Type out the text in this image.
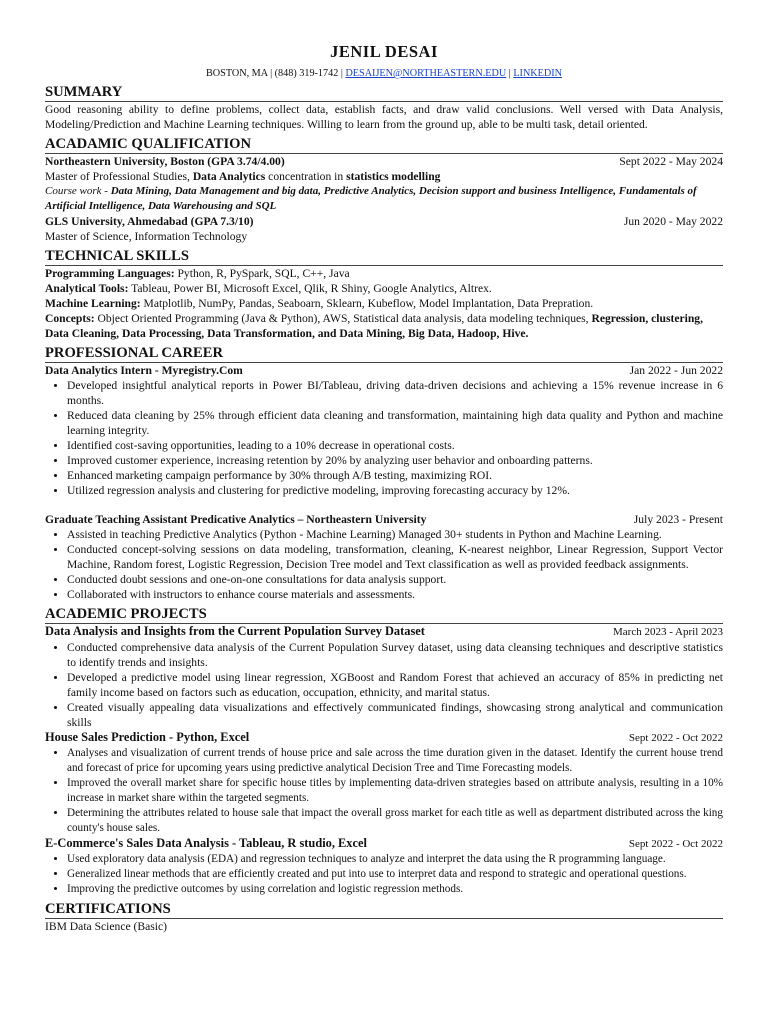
JENIL DESAI
BOSTON, MA | (848) 319-1742 | DESAIJEN@NORTHEASTERN.EDU | LINKEDIN
SUMMARY

Good reasoning ability to define problems, collect data, establish facts, and draw valid conclusions. Well versed with Data Analysis, Modeling/Prediction and Machine Learning techniques. Willing to learn from the ground up, able to be multi task, detail oriented.

ACADAMIC QUALIFICATION
Northeastern University, Boston (GPA 3.74/4.00)	Sept 2022 - May 2024
Master of Professional Studies, Data Analytics concentration in statistics modelling
Course work - Data Mining, Data Management and big data, Predictive Analytics, Decision support and business Intelligence, Fundamentals of Artificial Intelligence, Data Warehousing and SQL
GLS University, Ahmedabad (GPA 7.3/10)	Jun 2020 - May 2022
Master of Science, Information Technology
TECHNICAL SKILLS
Programming Languages: Python, R, PySpark, SQL, C++, Java
Analytical Tools: Tableau, Power BI, Microsoft Excel, Qlik, R Shiny, Google Analytics, Altrex.
Machine Learning: Matplotlib, NumPy, Pandas, Seaboarn, Sklearn, Kubeflow, Model Implantation, Data Prepration.
Concepts: Object Oriented Programming (Java & Python), AWS, Statistical data analysis, data modeling techniques, Regression, clustering, Data Cleaning, Data Processing, Data Transformation, and Data Mining, Big Data, Hadoop, Hive.
PROFESSIONAL CAREER
Data Analytics Intern - Myregistry.Com	Jan 2022 - Jun 2022
• Developed insightful analytical reports in Power BI/Tableau, driving data-driven decisions and achieving a 15% revenue increase in 6 months.
• Reduced data cleaning by 25% through efficient data cleaning and transformation, maintaining high data quality and Python and machine learning integrity.
• Identified cost-saving opportunities, leading to a 10% decrease in operational costs.
• Improved customer experience, increasing retention by 20% by analyzing user behavior and onboarding patterns.
• Enhanced marketing campaign performance by 30% through A/B testing, maximizing ROI.
• Utilized regression analysis and clustering for predictive modeling, improving forecasting accuracy by 12%.
Graduate Teaching Assistant Predicative Analytics – Northeastern University	July 2023 - Present
• Assisted in teaching Predictive Analytics (Python - Machine Learning) Managed 30+ students in Python and Machine Learning.
• Conducted concept-solving sessions on data modeling, transformation, cleaning, K-nearest neighbor, Linear Regression, Support Vector Machine, Random forest, Logistic Regression, Decision Tree model and Text classification as well as provided feedback assignments.
• Conducted doubt sessions and one-on-one consultations for data analysis support.
• Collaborated with instructors to enhance course materials and assessments.
ACADEMIC PROJECTS
Data Analysis and Insights from the Current Population Survey Dataset	March 2023 - April 2023
• Conducted comprehensive data analysis of the Current Population Survey dataset, using data cleansing techniques and descriptive statistics to identify trends and insights.
• Developed a predictive model using linear regression, XGBoost and Random Forest that achieved an accuracy of 85% in predicting net family income based on factors such as education, occupation, ethnicity, and marital status.
• Created visually appealing data visualizations and effectively communicated findings, showcasing strong analytical and communication skills
House Sales Prediction - Python, Excel	Sept 2022 - Oct 2022
• Analyses and visualization of current trends of house price and sale across the time duration given in the dataset. Identify the current house trend and forecast of price for upcoming years using predictive analytical Decision Tree and Time Forecasting models.
• Improved the overall market share for specific house titles by implementing data-driven strategies based on attribute analysis, resulting in a 10% increase in market share within the targeted segments.
• Determining the attributes related to house sale that impact the overall gross market for each title as well as department distributed across the king county's house sales.
E-Commerce's Sales Data Analysis - Tableau, R studio, Excel	Sept 2022 - Oct 2022
• Used exploratory data analysis (EDA) and regression techniques to analyze and interpret the data using the R programming language.
• Generalized linear methods that are efficiently created and put into use to interpret data and respond to strategic and operational questions.
• Improving the predictive outcomes by using correlation and logistic regression methods.
CERTIFICATIONS
IBM Data Science (Basic)
